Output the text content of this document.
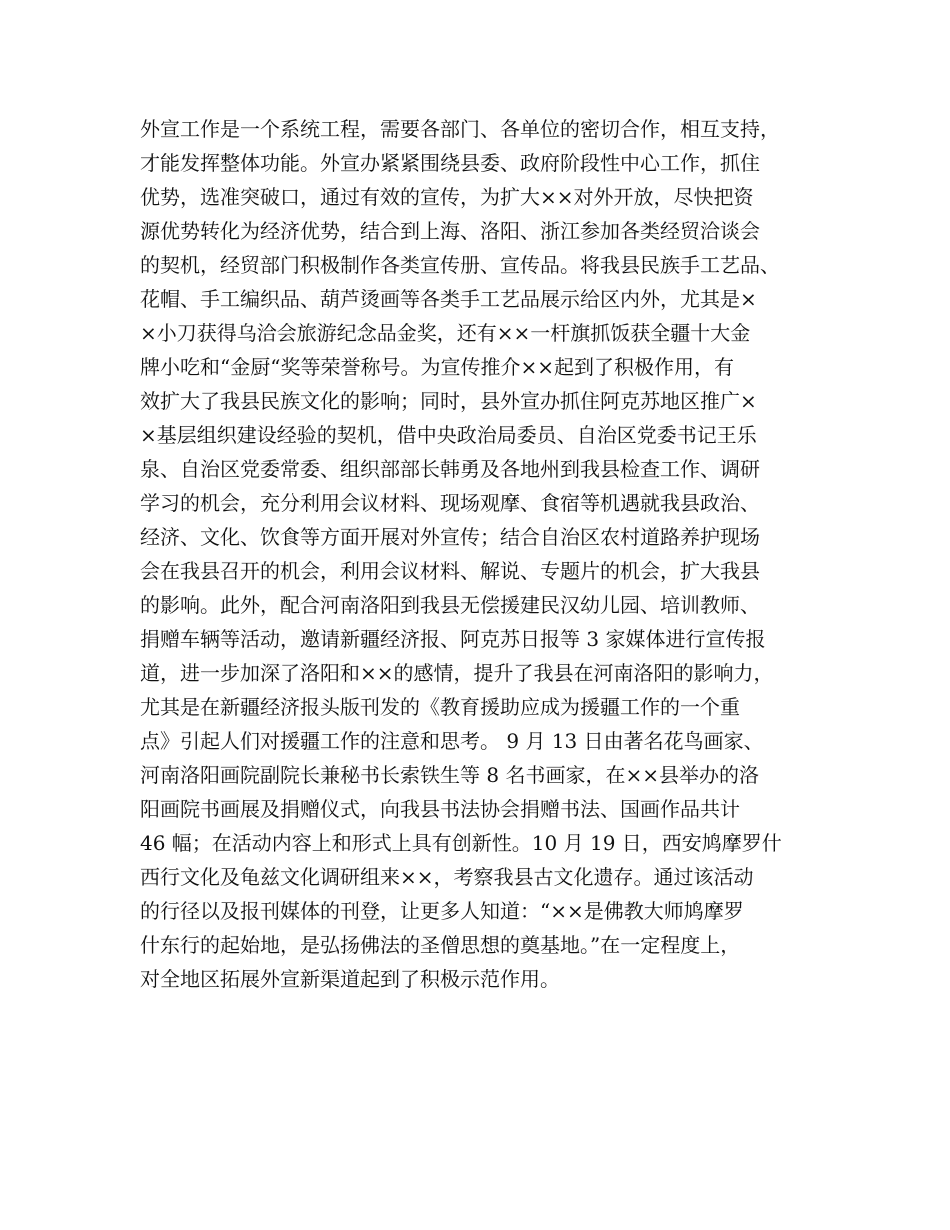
外宣工作是一个系统工程，需要各部门、各单位的密切合作，相互支持，
才能发挥整体功能。外宣办紧紧围绕县委、政府阶段性中心工作，抓住
优势，选准突破口，通过有效的宣传，为扩大××对外开放，尽快把资
源优势转化为经济优势，结合到上海、洛阳、浙江参加各类经贸洽谈会
的契机，经贸部门积极制作各类宣传册、宣传品。将我县民族手工艺品、
花帽、手工编织品、葫芦烫画等各类手工艺品展示给区内外，尤其是×
×小刀获得乌洽会旅游纪念品金奖，还有××一杆旗抓饭获全疆十大金
牌小吃和“金厨“奖等荣誉称号。为宣传推介××起到了积极作用，有
效扩大了我县民族文化的影响；同时，县外宣办抓住阿克苏地区推广×
×基层组织建设经验的契机，借中央政治局委员、自治区党委书记王乐
泉、自治区党委常委、组织部部长韩勇及各地州到我县检查工作、调研
学习的机会，充分利用会议材料、现场观摩、食宿等机遇就我县政治、
经济、文化、饮食等方面开展对外宣传；结合自治区农村道路养护现场
会在我县召开的机会，利用会议材料、解说、专题片的机会，扩大我县
的影响。此外，配合河南洛阳到我县无偿援建民汉幼儿园、培训教师、
捐赠车辆等活动，邀请新疆经济报、阿克苏日报等 3 家媒体进行宣传报
道，进一步加深了洛阳和××的感情，提升了我县在河南洛阳的影响力，
尤其是在新疆经济报头版刊发的《教育援助应成为援疆工作的一个重
点》引起人们对援疆工作的注意和思考。 9 月 13 日由著名花鸟画家、
河南洛阳画院副院长兼秘书长索铁生等 8 名书画家，在××县举办的洛
阳画院书画展及捐赠仪式，向我县书法协会捐赠书法、国画作品共计
46 幅；在活动内容上和形式上具有创新性。10 月 19 日，西安鸠摩罗什
西行文化及龟兹文化调研组来××，考察我县古文化遗存。通过该活动
的行径以及报刊媒体的刊登，让更多人知道：“××是佛教大师鸠摩罗
什东行的起始地，是弘扬佛法的圣僧思想的奠基地。”在一定程度上，
对全地区拓展外宣新渠道起到了积极示范作用。
